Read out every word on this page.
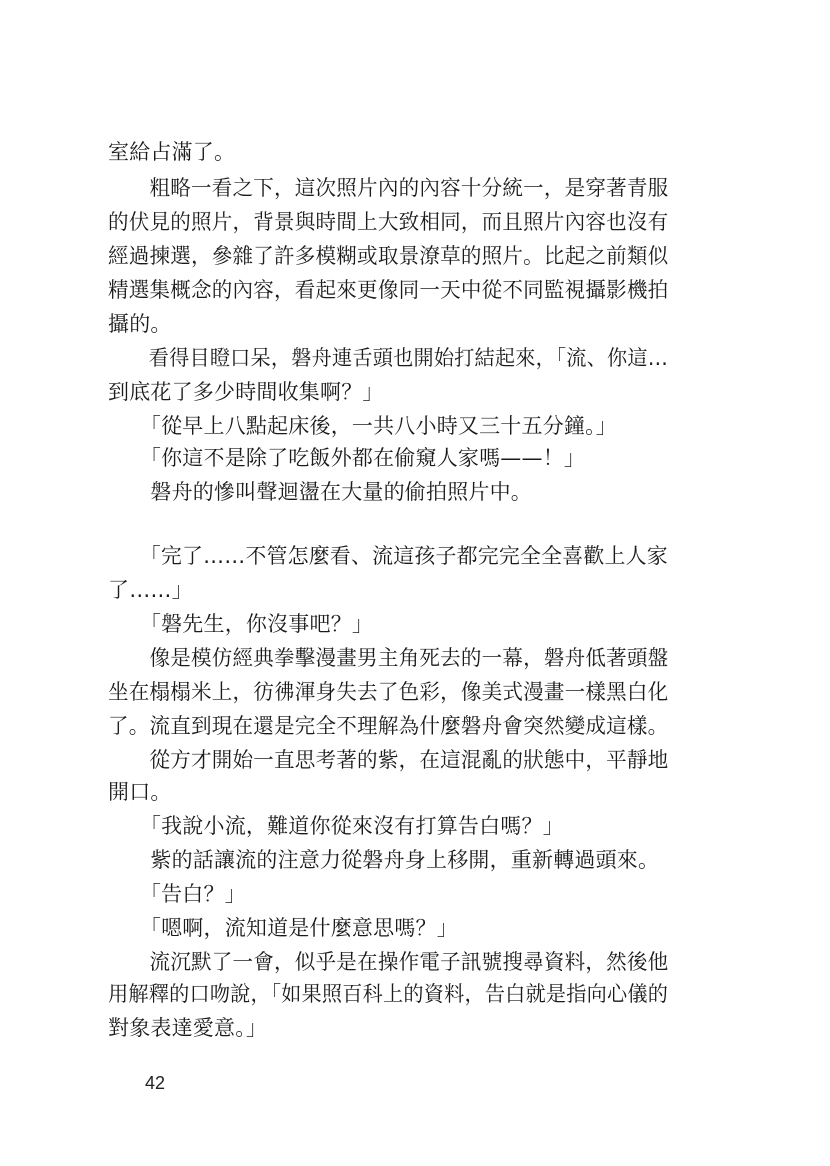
室給占滿了。
　　粗略一看之下，這次照片內的內容十分統一，是穿著青服
的伏見的照片，背景與時間上大致相同，而且照片內容也沒有
經過揀選，參雜了許多模糊或取景潦草的照片。比起之前類似
精選集概念的內容，看起來更像同一天中從不同監視攝影機拍
攝的。
　　看得目瞪口呆，磐舟連舌頭也開始打結起來，「流、你這…
到底花了多少時間收集啊？」
　　「從早上八點起床後，一共八小時又三十五分鐘。」
　　「你這不是除了吃飯外都在偷窺人家嗎——！」
　　磐舟的慘叫聲迴盪在大量的偷拍照片中。
　　「完了……不管怎麼看、流這孩子都完完全全喜歡上人家
了……」
　　「磐先生，你沒事吧？」
　　像是模仿經典拳擊漫畫男主角死去的一幕，磐舟低著頭盤
坐在榻榻米上，彷彿渾身失去了色彩，像美式漫畫一樣黑白化
了。流直到現在還是完全不理解為什麼磐舟會突然變成這樣。
　　從方才開始一直思考著的紫，在這混亂的狀態中，平靜地
開口。
　　「我說小流，難道你從來沒有打算告白嗎？」
　　紫的話讓流的注意力從磐舟身上移開，重新轉過頭來。
　　「告白？」
　　「嗯啊，流知道是什麼意思嗎？」
　　流沉默了一會，似乎是在操作電子訊號搜尋資料，然後他
用解釋的口吻說，「如果照百科上的資料，告白就是指向心儀的
對象表達愛意。」
42
